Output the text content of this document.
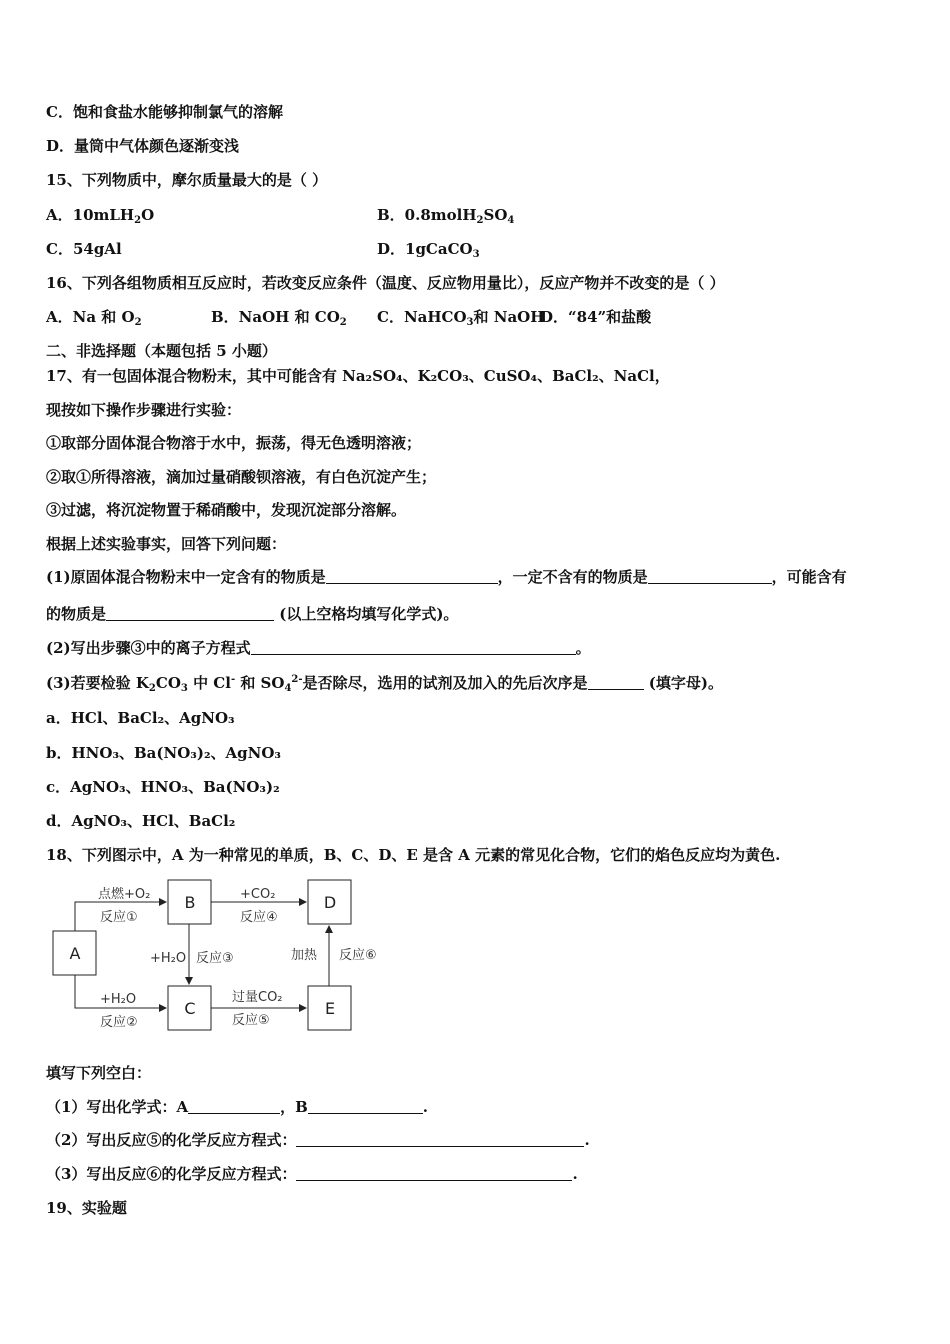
C．饱和食盐水能够抑制氯气的溶解
D．量筒中气体颜色逐渐变浅
15、下列物质中，摩尔质量最大的是（ ）
A．10mLH$_2$O	B．$0.8molH_2SO_4$
C．54gAl	D．1gCaCO$_3$
16、下列各组物质相互反应时，若改变反应条件（温度、反应物用量比），反应产物并不改变的是（ ）
A．Na 和 $O_2$	B．NaOH 和 $CO_2$ C．NaHCO$_3$和 NaOH
D．“84”和盐酸
二、非选择题（本题包括 5 小题）
17、有一包固体混合物粉末，其中可能含有 Na₂SO₄、K₂CO₃、CuSO₄、BaCl₂、NaCl，
现按如下操作步骤进行实验：
①取部分固体混合物溶于水中，振荡，得无色透明溶液；
②取①所得溶液，滴加过量硝酸钡溶液，有白色沉淀产生；
③过滤，将沉淀物置于稀硝酸中，发现沉淀部分溶解。
根据上述实验事实，回答下列问题：
(1)原固体混合物粉末中一定含有的物质是	，一定不含有的物质是	，可能含有
的物质是	(以上空格均填写化学式)。
(2)写出步骤③中的离子方程式	。
(3)若要检验 $K_2CO_3$ 中 Cl- 和 $SO_4^{2-}$是否除尽，选用的试剂及加入的先后次序是	(填字母)。
a．HCl、BaCl₂、AgNO₃
b．HNO₃、Ba(NO₃)₂、AgNO₃
c．AgNO₃、HNO₃、Ba(NO₃)₂
d．AgNO₃、HCl、BaCl₂
18、下列图示中，A 为一种常见的单质，B、C、D、E 是含 A 元素的常见化合物，它们的焰色反应均为黄色.
A
B	D
C	E
点燃+O₂
反应①
+H₂O
反应②
+H₂O 反应③
+CO₂
反应④
过量CO₂
反应⑤
加热 反应⑥
填写下列空白：
（1）写出化学式：A	，B	.
（2）写出反应⑤的化学反应方程式：	.
（3）写出反应⑥的化学反应方程式：	.
19、实验题
